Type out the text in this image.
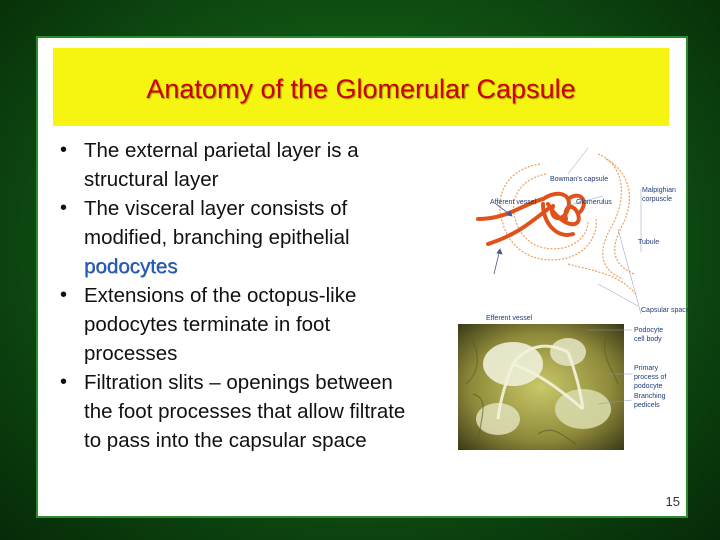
Anatomy of the Glomerular Capsule
• The external parietal layer is a
structural layer
• The visceral layer consists of
modified, branching epithelial
podocytes
• Extensions of the octopus-like
podocytes terminate in foot
processes
• Filtration slits – openings between
the foot processes that allow filtrate
to pass into the capsular space
Bowman's capsule
Afferent vessel	Glomerulus
Malpighian
corpuscle
Tubule
Efferent vessel
Capsular space
Podocyte
cell body
Primary
process of
podocyte
Branching
pedicels
15
